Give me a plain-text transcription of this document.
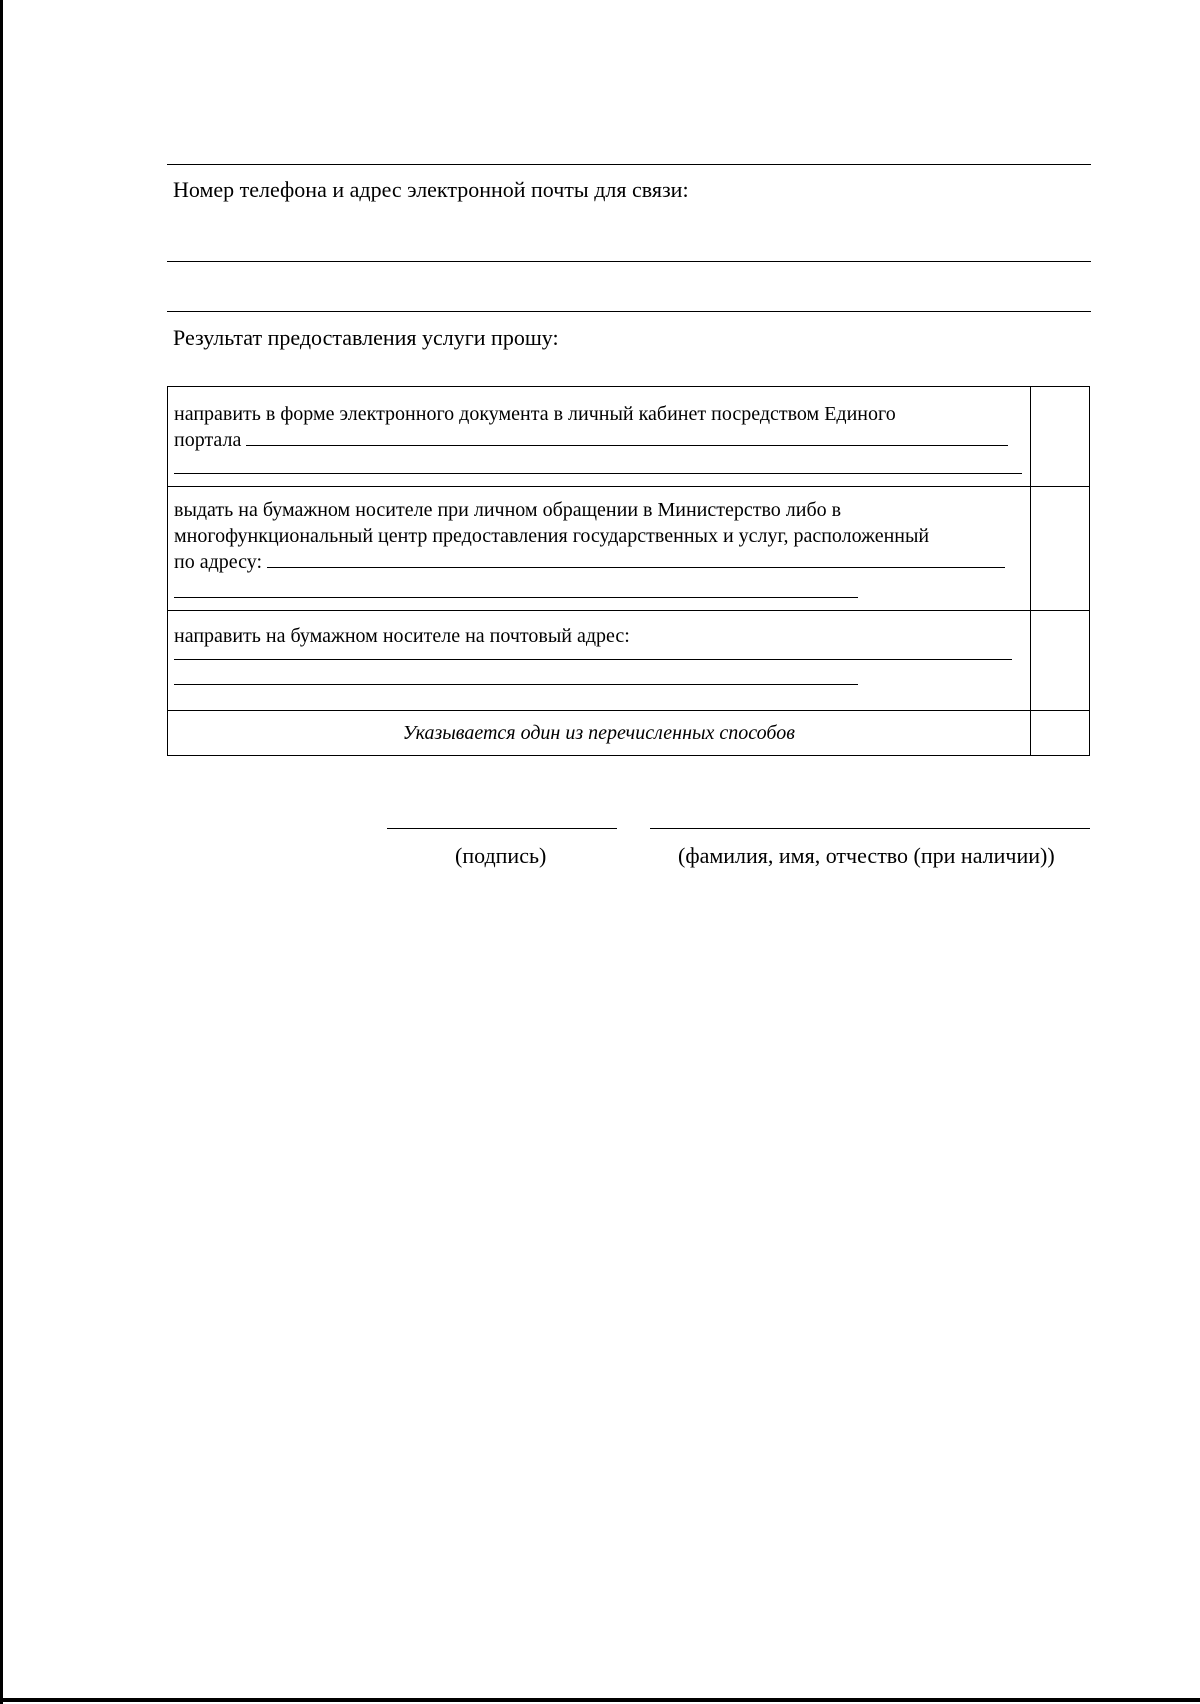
Номер телефона и адрес электронной почты для связи:
Результат предоставления услуги прошу:
направить в форме электронного документа в личный кабинет посредством Единого
портала	

выдать на бумажном носителе при личном обращении в Министерство либо в
многофункциональный центр предоставления государственных и услуг, расположенный
по адресу:	

направить на бумажном носителе на почтовый адрес:	

Указывается один из перечисленных способов	
(подпись)	(фамилия, имя, отчество (при наличии))
